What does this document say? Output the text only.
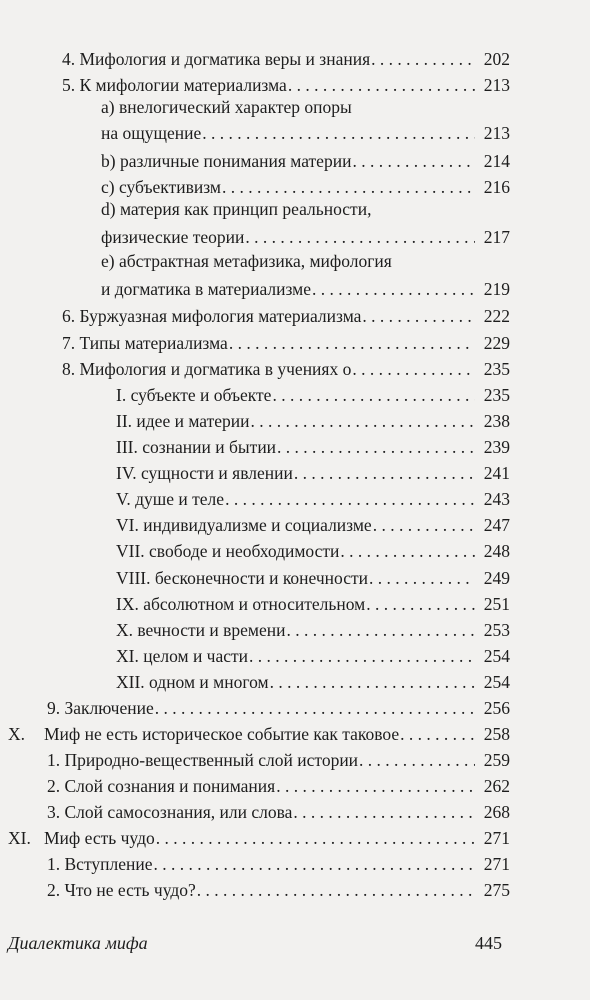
4. Мифология и догматика веры и знания . . .	202
5. К мифологии материализма . . .	213
a) внелогический характер опоры
на ощущение . . .	213
b) различные понимания материи . . .	214
c) субъективизм . . .	216
d) материя как принцип реальности,
физические теории . . .	217
e) абстрактная метафизика, мифология
и догматика в материализме . . .	219
6. Буржуазная мифология материализма . . .	222
7. Типы материализма . . .	229
8. Мифология и догматика в учениях о . . .	235
I. субъекте и объекте . . .	235
II. идее и материи . . .	238
III. сознании и бытии . . .	239
IV. сущности и явлении . . .	241
V. душе и теле . . .	243
VI. индивидуализме и социализме . . .	247
VII. свободе и необходимости . . .	248
VIII. бесконечности и конечности . . .	249
IX. абсолютном и относительном . . .	251
X. вечности и времени . . .	253
XI. целом и части . . .	254
XII. одном и многом . . .	254
9. Заключение . . .	256
X. Миф не есть историческое событие как таковое . . .	258
1. Природно-вещественный слой истории . . .	259
2. Слой сознания и понимания . . .	262
3. Слой самосознания, или слова . . .	268
XI. Миф есть чудо . . .	271
1. Вступление . . .	271
2. Что не есть чудо? . . .	275
Диалектика мифа	445
